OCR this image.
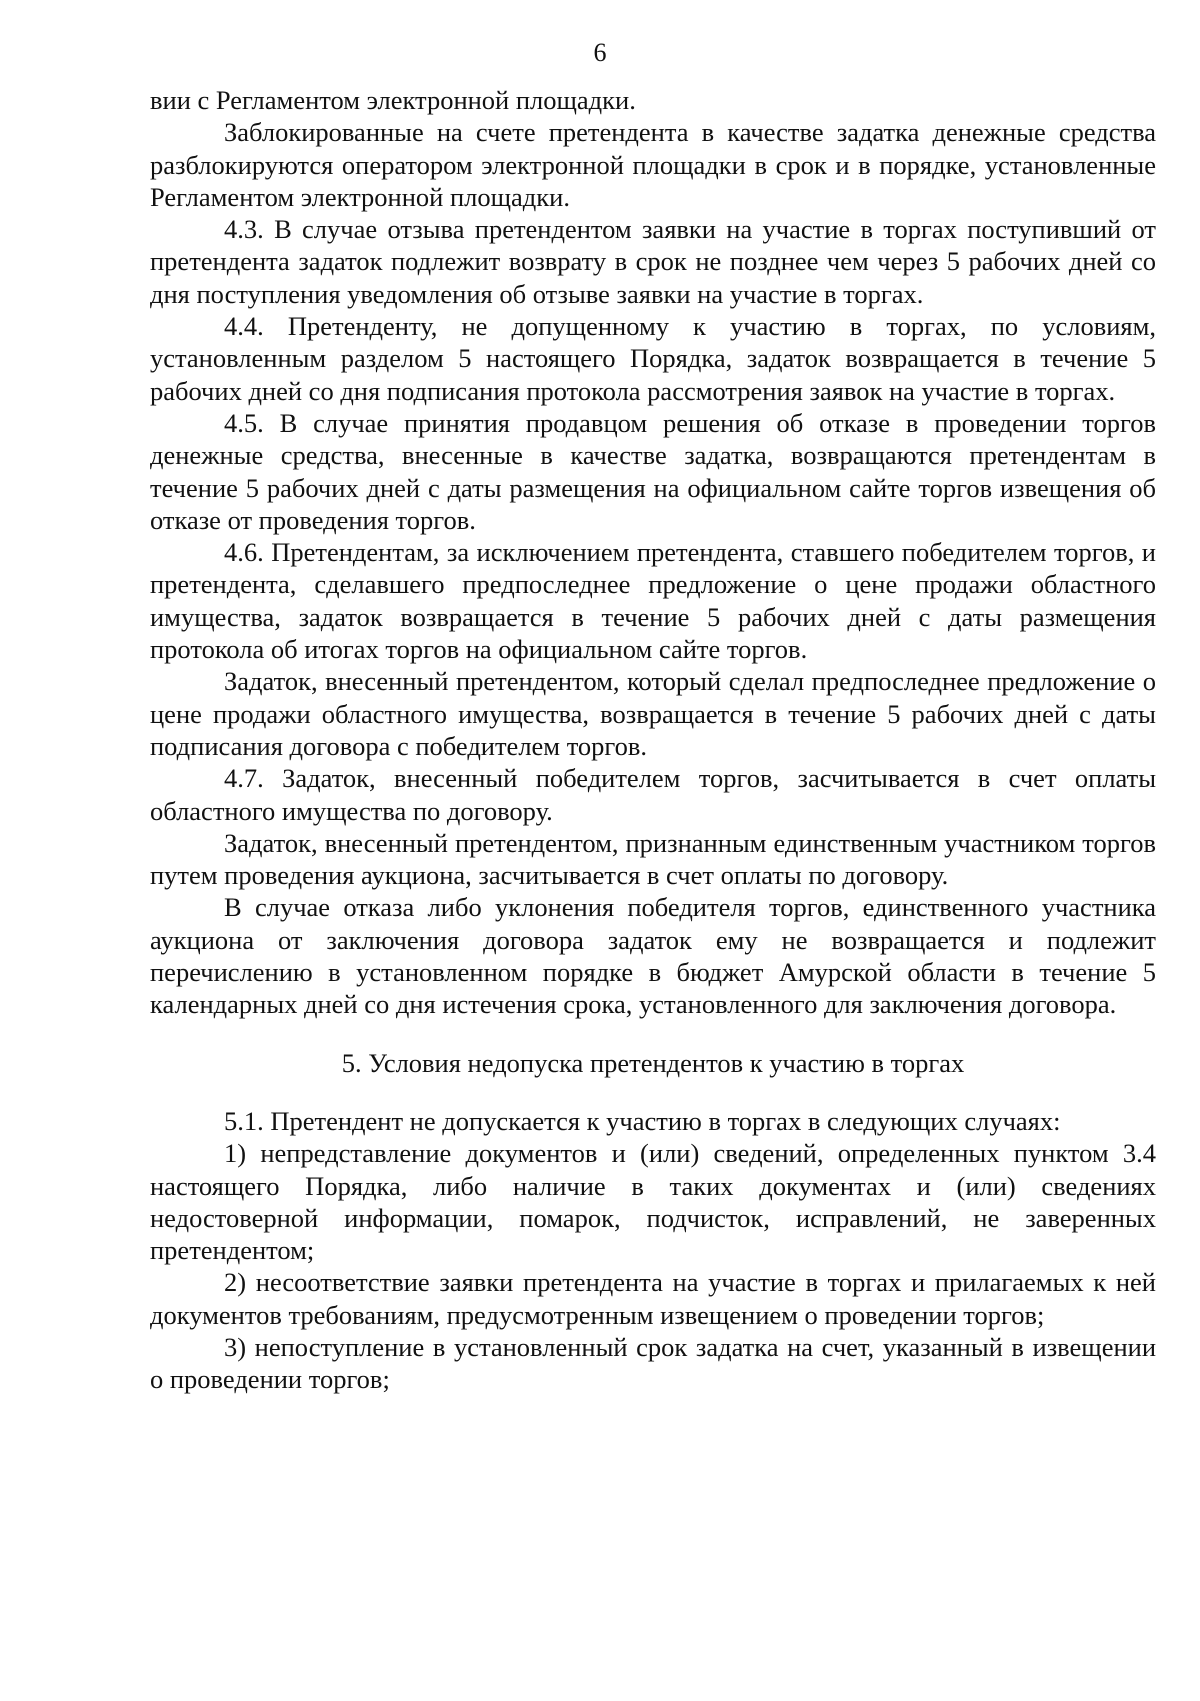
6

вии с Регламентом электронной площадки.

Заблокированные на счете претендента в качестве задатка денежные средства разблокируются оператором электронной площадки в срок и в порядке, установленные Регламентом электронной площадки.

4.3. В случае отзыва претендентом заявки на участие в торгах поступивший от претендента задаток подлежит возврату в срок не позднее чем через 5 рабочих дней со дня поступления уведомления об отзыве заявки на участие в торгах.

4.4. Претенденту, не допущенному к участию в торгах, по условиям, установленным разделом 5 настоящего Порядка, задаток возвращается в течение 5 рабочих дней со дня подписания протокола рассмотрения заявок на участие в торгах.

4.5. В случае принятия продавцом решения об отказе в проведении торгов денежные средства, внесенные в качестве задатка, возвращаются претендентам в течение 5 рабочих дней с даты размещения на официальном сайте торгов извещения об отказе от проведения торгов.

4.6. Претендентам, за исключением претендента, ставшего победителем торгов, и претендента, сделавшего предпоследнее предложение о цене продажи областного имущества, задаток возвращается в течение 5 рабочих дней с даты размещения протокола об итогах торгов на официальном сайте торгов.

Задаток, внесенный претендентом, который сделал предпоследнее предложение о цене продажи областного имущества, возвращается в течение 5 рабочих дней с даты подписания договора с победителем торгов.

4.7. Задаток, внесенный победителем торгов, засчитывается в счет оплаты областного имущества по договору.

Задаток, внесенный претендентом, признанным единственным участником торгов путем проведения аукциона, засчитывается в счет оплаты по договору.

В случае отказа либо уклонения победителя торгов, единственного участника аукциона от заключения договора задаток ему не возвращается и подлежит перечислению в установленном порядке в бюджет Амурской области в течение 5 календарных дней со дня истечения срока, установленного для заключения договора.

5. Условия недопуска претендентов к участию в торгах

5.1. Претендент не допускается к участию в торгах в следующих случаях:

1) непредставление документов и (или) сведений, определенных пунктом 3.4 настоящего Порядка, либо наличие в таких документах и (или) сведениях недостоверной информации, помарок, подчисток, исправлений, не заверенных претендентом;

2) несоответствие заявки претендента на участие в торгах и прилагаемых к ней документов требованиям, предусмотренным извещением о проведении торгов;

3) непоступление в установленный срок задатка на счет, указанный в извещении о проведении торгов;
